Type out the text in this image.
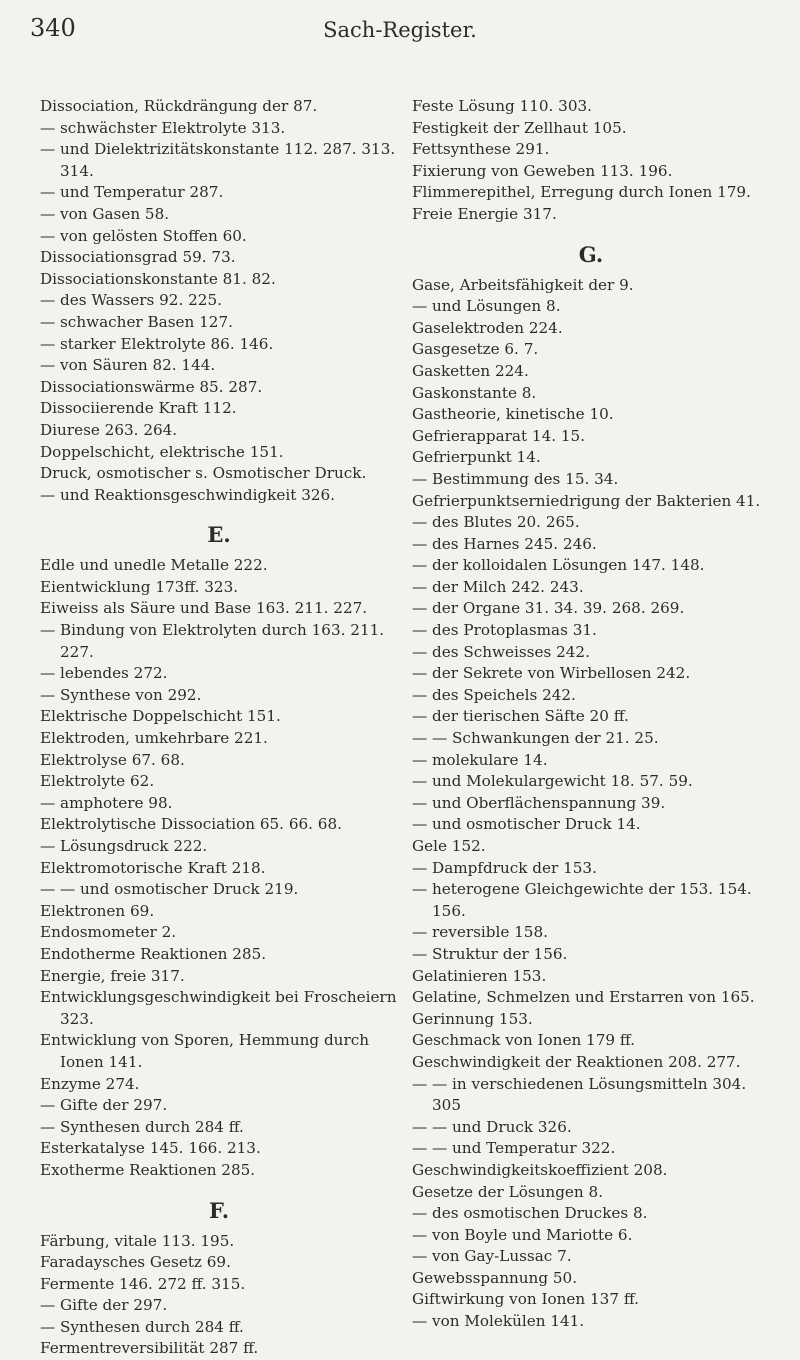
340	Sach-Register.
Dissociation, Rückdrängung der 87.
— schwächster Elektrolyte 313.
— und Dielektrizitätskonstante 112. 287. 313. 314.
— und Temperatur 287.
— von Gasen 58.
— von gelösten Stoffen 60.
Dissociationsgrad 59. 73.
Dissociationskonstante 81. 82.
— des Wassers 92. 225.
— schwacher Basen 127.
— starker Elektrolyte 86. 146.
— von Säuren 82. 144.
Dissociationswärme 85. 287.
Dissociierende Kraft 112.
Diurese 263. 264.
Doppelschicht, elektrische 151.
Druck, osmotischer s. Osmotischer Druck.
— und Reaktionsgeschwindigkeit 326.
E.
Edle und unedle Metalle 222.
Eientwicklung 173ff. 323.
Eiweiss als Säure und Base 163. 211. 227.
— Bindung von Elektrolyten durch 163. 211. 227.
— lebendes 272.
— Synthese von 292.
Elektrische Doppelschicht 151.
Elektroden, umkehrbare 221.
Elektrolyse 67. 68.
Elektrolyte 62.
— amphotere 98.
Elektrolytische Dissociation 65. 66. 68.
— Lösungsdruck 222.
Elektromotorische Kraft 218.
— — und osmotischer Druck 219.
Elektronen 69.
Endosmometer 2.
Endotherme Reaktionen 285.
Energie, freie 317.
Entwicklungsgeschwindigkeit bei Froscheiern 323.
Entwicklung von Sporen, Hemmung durch Ionen 141.
Enzyme 274.
— Gifte der 297.
— Synthesen durch 284 ff.
Esterkatalyse 145. 166. 213.
Exotherme Reaktionen 285.
F.
Färbung, vitale 113. 195.
Faradaysches Gesetz 69.
Fermente 146. 272 ff. 315.
— Gifte der 297.
— Synthesen durch 284 ff.
Fermentreversibilität 287 ff.
Feste Lösung 110. 303.
Festigkeit der Zellhaut 105.
Fettsynthese 291.
Fixierung von Geweben 113. 196.
Flimmerepithel, Erregung durch Ionen 179.
Freie Energie 317.
G.
Gase, Arbeitsfähigkeit der 9.
— und Lösungen 8.
Gaselektroden 224.
Gasgesetze 6. 7.
Gasketten 224.
Gaskonstante 8.
Gastheorie, kinetische 10.
Gefrierapparat 14. 15.
Gefrierpunkt 14.
— Bestimmung des 15. 34.
Gefrierpunktserniedrigung der Bakterien 41.
— des Blutes 20. 265.
— des Harnes 245. 246.
— der kolloidalen Lösungen 147. 148.
— der Milch 242. 243.
— der Organe 31. 34. 39. 268. 269.
— des Protoplasmas 31.
— des Schweisses 242.
— der Sekrete von Wirbellosen 242.
— des Speichels 242.
— der tierischen Säfte 20 ff.
— — Schwankungen der 21. 25.
— molekulare 14.
— und Molekulargewicht 18. 57. 59.
— und Oberflächenspannung 39.
— und osmotischer Druck 14.
Gele 152.
— Dampfdruck der 153.
— heterogene Gleichgewichte der 153. 154. 156.
— reversible 158.
— Struktur der 156.
Gelatinieren 153.
Gelatine, Schmelzen und Erstarren von 165.
Gerinnung 153.
Geschmack von Ionen 179 ff.
Geschwindigkeit der Reaktionen 208. 277.
— — in verschiedenen Lösungsmitteln 304. 305
— — und Druck 326.
— — und Temperatur 322.
Geschwindigkeitskoeffizient 208.
Gesetze der Lösungen 8.
— des osmotischen Druckes 8.
— von Boyle und Mariotte 6.
— von Gay-Lussac 7.
Gewebsspannung 50.
Giftwirkung von Ionen 137 ff.
— von Molekülen 141.
